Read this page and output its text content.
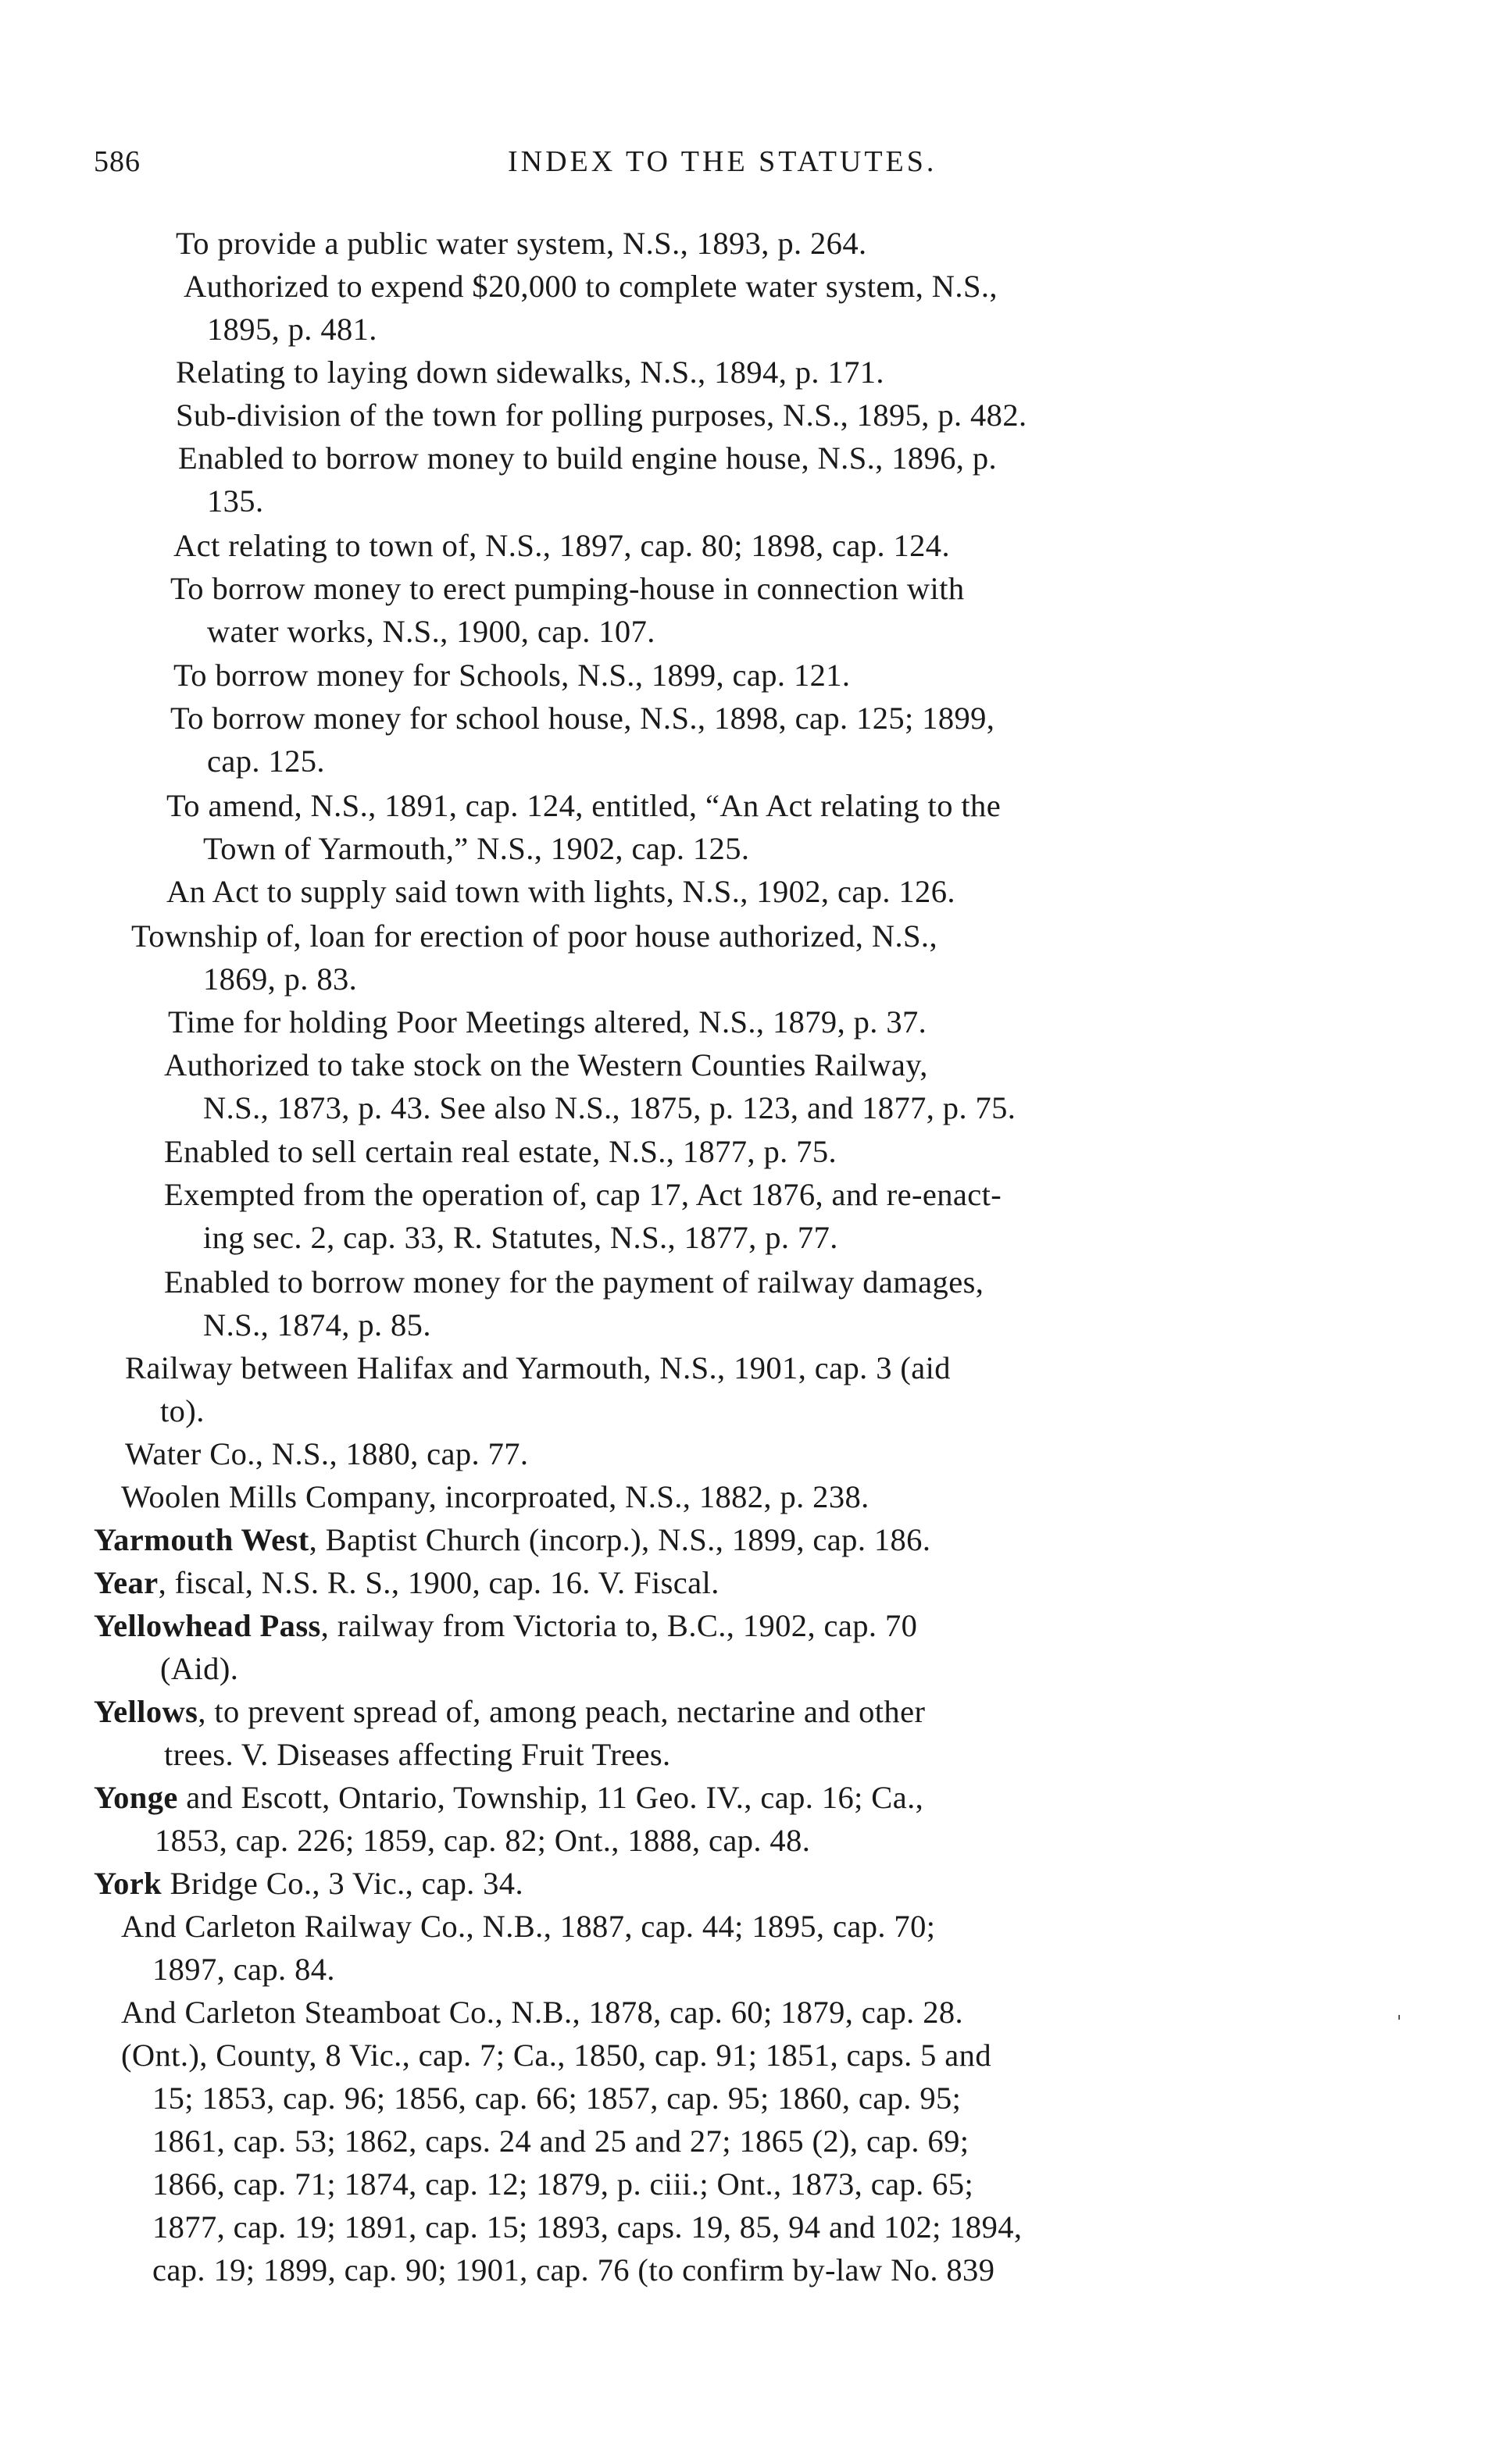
586	INDEX TO THE STATUTES.
To provide a public water system, N.S., 1893, p. 264.
Authorized to expend $20,000 to complete water system, N.S.,
1895, p. 481.
Relating to laying down sidewalks, N.S., 1894, p. 171.
Sub-division of the town for polling purposes, N.S., 1895, p. 482.
Enabled to borrow money to build engine house, N.S., 1896, p.
135.
Act relating to town of, N.S., 1897, cap. 80; 1898, cap. 124.
To borrow money to erect pumping-house in connection with
water works, N.S., 1900, cap. 107.
To borrow money for Schools, N.S., 1899, cap. 121.
To borrow money for school house, N.S., 1898, cap. 125; 1899,
cap. 125.
To amend, N.S., 1891, cap. 124, entitled, “An Act relating to the
Town of Yarmouth,” N.S., 1902, cap. 125.
An Act to supply said town with lights, N.S., 1902, cap. 126.
Township of, loan for erection of poor house authorized, N.S.,
1869, p. 83.
Time for holding Poor Meetings altered, N.S., 1879, p. 37.
Authorized to take stock on the Western Counties Railway,
N.S., 1873, p. 43. See also N.S., 1875, p. 123, and 1877, p. 75.
Enabled to sell certain real estate, N.S., 1877, p. 75.
Exempted from the operation of, cap 17, Act 1876, and re-enact-
ing sec. 2, cap. 33, R. Statutes, N.S., 1877, p. 77.
Enabled to borrow money for the payment of railway damages,
N.S., 1874, p. 85.
Railway between Halifax and Yarmouth, N.S., 1901, cap. 3 (aid
to).
Water Co., N.S., 1880, cap. 77.
Woolen Mills Company, incorproated, N.S., 1882, p. 238.
Yarmouth West, Baptist Church (incorp.), N.S., 1899, cap. 186.
Year, fiscal, N.S. R. S., 1900, cap. 16. V. Fiscal.
Yellowhead Pass, railway from Victoria to, B.C., 1902, cap. 70
(Aid).
Yellows, to prevent spread of, among peach, nectarine and other
trees. V. Diseases affecting Fruit Trees.
Yonge and Escott, Ontario, Township, 11 Geo. IV., cap. 16; Ca.,
1853, cap. 226; 1859, cap. 82; Ont., 1888, cap. 48.
York Bridge Co., 3 Vic., cap. 34.
And Carleton Railway Co., N.B., 1887, cap. 44; 1895, cap. 70;
1897, cap. 84.
And Carleton Steamboat Co., N.B., 1878, cap. 60; 1879, cap. 28.
(Ont.), County, 8 Vic., cap. 7; Ca., 1850, cap. 91; 1851, caps. 5 and
15; 1853, cap. 96; 1856, cap. 66; 1857, cap. 95; 1860, cap. 95;
1861, cap. 53; 1862, caps. 24 and 25 and 27; 1865 (2), cap. 69;
1866, cap. 71; 1874, cap. 12; 1879, p. ciii.; Ont., 1873, cap. 65;
1877, cap. 19; 1891, cap. 15; 1893, caps. 19, 85, 94 and 102; 1894,
cap. 19; 1899, cap. 90; 1901, cap. 76 (to confirm by-law No. 839
